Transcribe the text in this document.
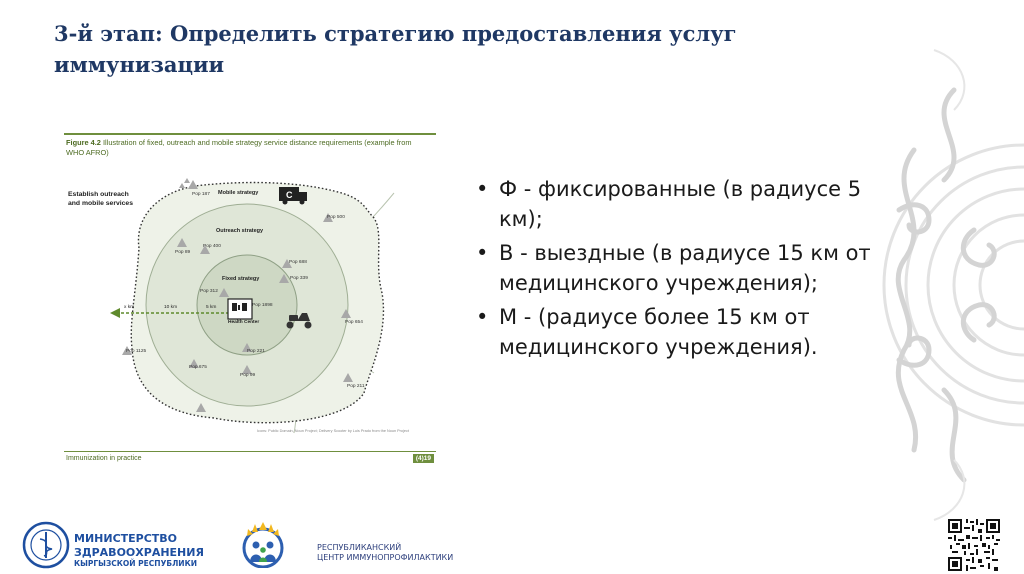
3-й этап: Определить стратегию предоставления услуг иммунизации
C
Figure 4.2 Illustration of fixed, outreach and mobile strategy service distance requirements (example from WHO AFRO)
Establish outreach and mobile services
Mobile strategy
Outreach strategy
Fixed strategy
Health Center
x km	10 km	5 km
Pop 187
Pop 500
Pop 89
Pop 400
Pop 688
Pop 339
Pop 312
Pop 1898
Pop 654
Pop 1125	Pop 221
Pop 675
Pop 99
Pop 211
Icons: Public Domain, Noun Project; Delivery Scooter by Luis Prado from the Noun Project
Immunization in practice	(4)19
• Ф - фиксированные (в радиусе 5 км);
• В - выездные (в радиусе 15 км от медицинского учреждения);
• М - (радиусе более 15 км от медицинского учреждения).
МИНИСТЕРСТВО
ЗДРАВООХРАНЕНИЯ
КЫРГЫЗСКОЙ РЕСПУБЛИКИ
РЕСПУБЛИКАНСКИЙ
ЦЕНТР ИММУНОПРОФИЛАКТИКИ
